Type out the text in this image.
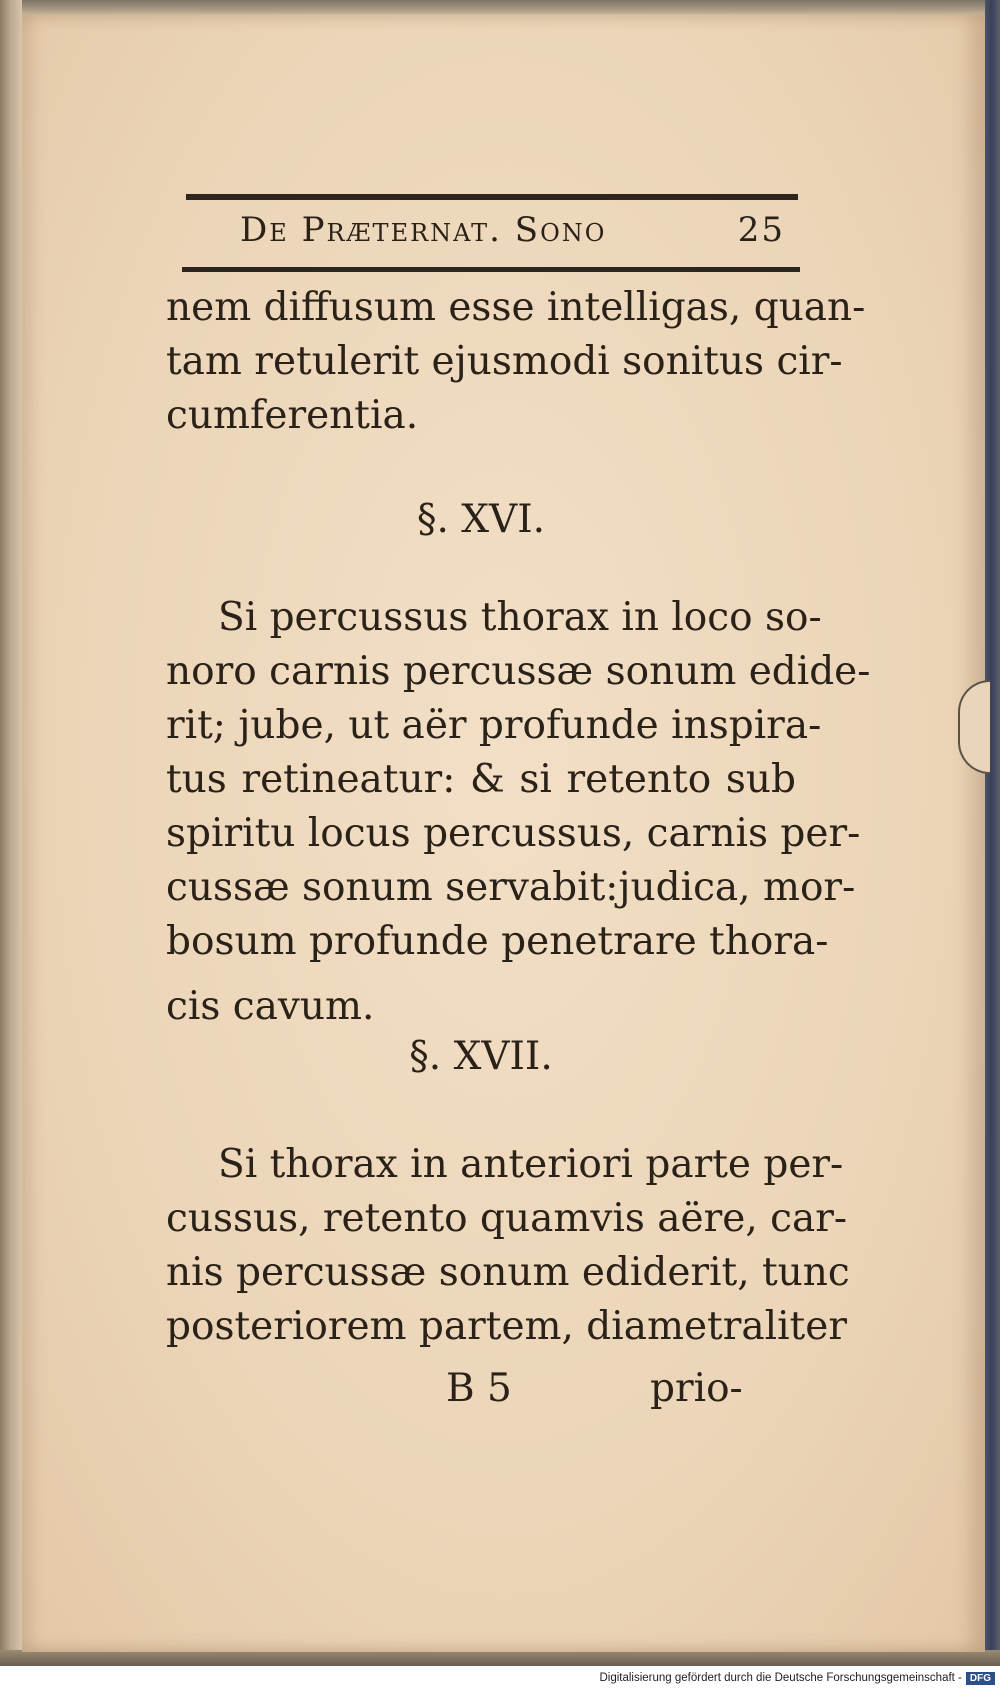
De Prӕternat. Sono	25
nem diffusum esse intelligas, quan-
tam retulerit ejusmodi sonitus cir-
cumferentia.
§. XVI.
Si percussus thorax in loco so-
noro carnis percussæ sonum edide-
rit; jube, ut aër profunde inspira-
tus retineatur: & si retento sub
spiritu locus percussus, carnis per-
cussæ sonum servabit:judica, mor-
bosum profunde penetrare thora-
cis cavum.
§. XVII.
Si thorax in anteriori parte per-
cussus, retento quamvis aëre, car-
nis percussæ sonum ediderit, tunc
posteriorem partem, diametraliter
B 5	prio-
Digitalisierung gefördert durch die Deutsche Forschungsgemeinschaft - DFG
